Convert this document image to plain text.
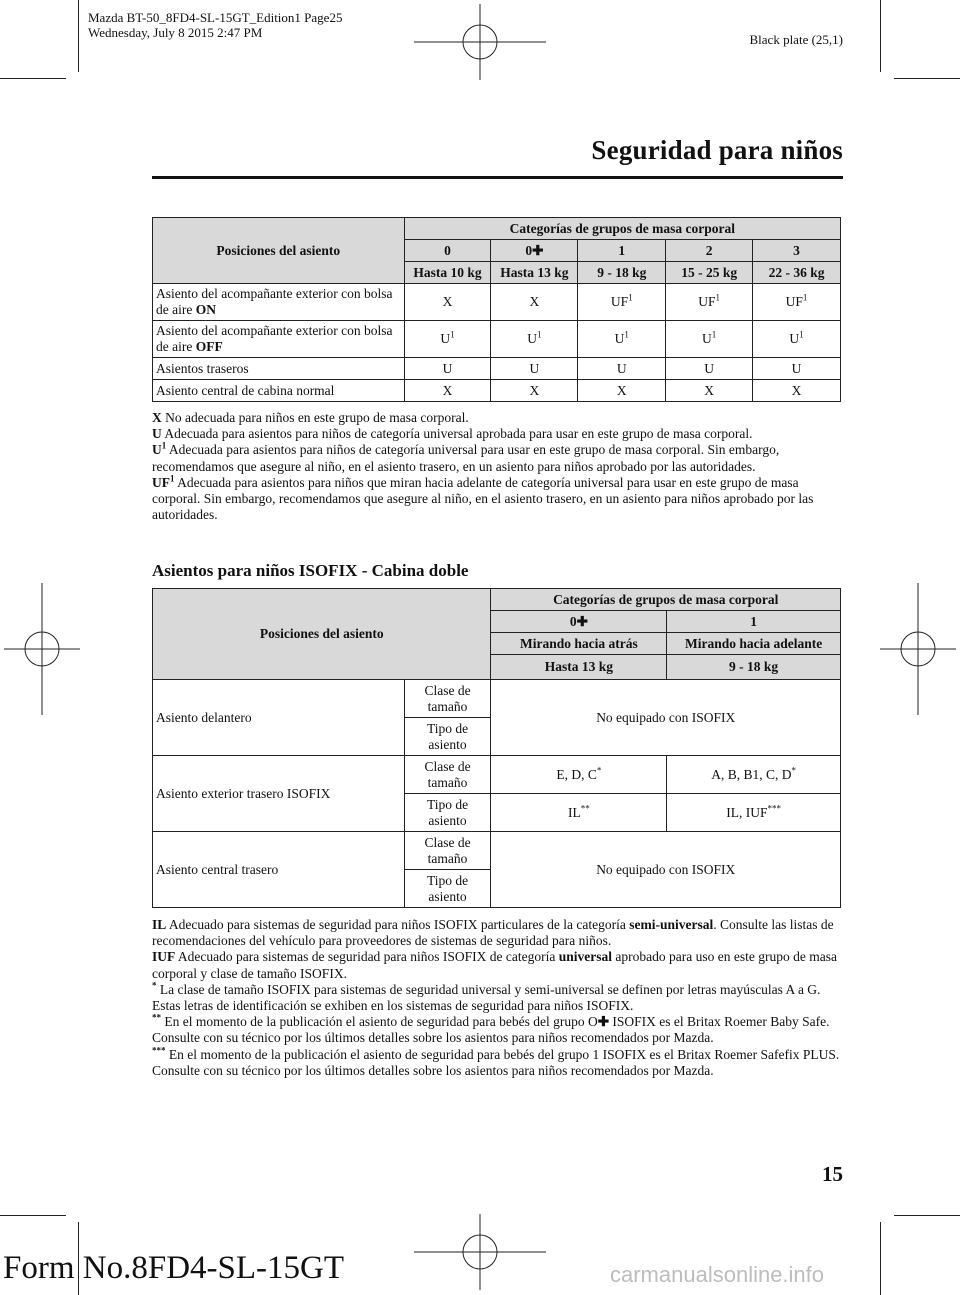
Mazda BT-50_8FD4-SL-15GT_Edition1 Page25
Wednesday, July 8 2015 2:47 PM	Black plate (25,1)
Seguridad para niños
Posiciones del asiento	Categorías de grupos de masa corporal				
	0	0✚	1	2	3
	Hasta 10 kg	Hasta 13 kg	9 - 18 kg	15 - 25 kg	22 - 36 kg
Asiento del acompañante exterior con bolsa de aire ON	X	X	$UF^1$	$UF^1$	$UF^1$
Asiento del acompañante exterior con bolsa de aire OFF	$U^1$	$U^1$	$U^1$	$U^1$	$U^1$
Asientos traseros	U	U	U	U	U
Asiento central de cabina normal	X	X	X	X	X
X No adecuada para niños en este grupo de masa corporal.
U Adecuada para asientos para niños de categoría universal aprobada para usar en este grupo de masa corporal.
$U^1$ Adecuada para asientos para niños de categoría universal para usar en este grupo de masa corporal. Sin embargo, recomendamos que asegure al niño, en el asiento trasero, en un asiento para niños aprobado por las autoridades.
$UF^1$ Adecuada para asientos para niños que miran hacia adelante de categoría universal para usar en este grupo de masa corporal. Sin embargo, recomendamos que asegure al niño, en el asiento trasero, en un asiento para niños aprobado por las autoridades.
Asientos para niños ISOFIX - Cabina doble
Posiciones del asiento		Categorías de grupos de masa corporal	
		0✚	1
		Mirando hacia atrás	Mirando hacia adelante
		Hasta 13 kg	9 - 18 kg
Asiento delantero	Clase de tamaño	No equipado con ISOFIX	
	Tipo de asiento		
Asiento exterior trasero ISOFIX	Clase de tamaño	E, D, C*	A, B, B1, C, D*
	Tipo de asiento	IL**	IL, IUF***
Asiento central trasero	Clase de tamaño	No equipado con ISOFIX	
	Tipo de asiento		
IL Adecuado para sistemas de seguridad para niños ISOFIX particulares de la categoría semi-universal. Consulte las listas de recomendaciones del vehículo para proveedores de sistemas de seguridad para niños.
IUF Adecuado para sistemas de seguridad para niños ISOFIX de categoría universal aprobado para uso en este grupo de masa corporal y clase de tamaño ISOFIX.
* La clase de tamaño ISOFIX para sistemas de seguridad universal y semi-universal se definen por letras mayúsculas A a G. Estas letras de identificación se exhiben en los sistemas de seguridad para niños ISOFIX.
** En el momento de la publicación el asiento de seguridad para bebés del grupo O✚ ISOFIX es el Britax Roemer Baby Safe. Consulte con su técnico por los últimos detalles sobre los asientos para niños recomendados por Mazda.
*** En el momento de la publicación el asiento de seguridad para bebés del grupo 1 ISOFIX es el Britax Roemer Safefix PLUS. Consulte con su técnico por los últimos detalles sobre los asientos para niños recomendados por Mazda.
15
Form No.8FD4-SL-15GT	carmanualsonline.info
